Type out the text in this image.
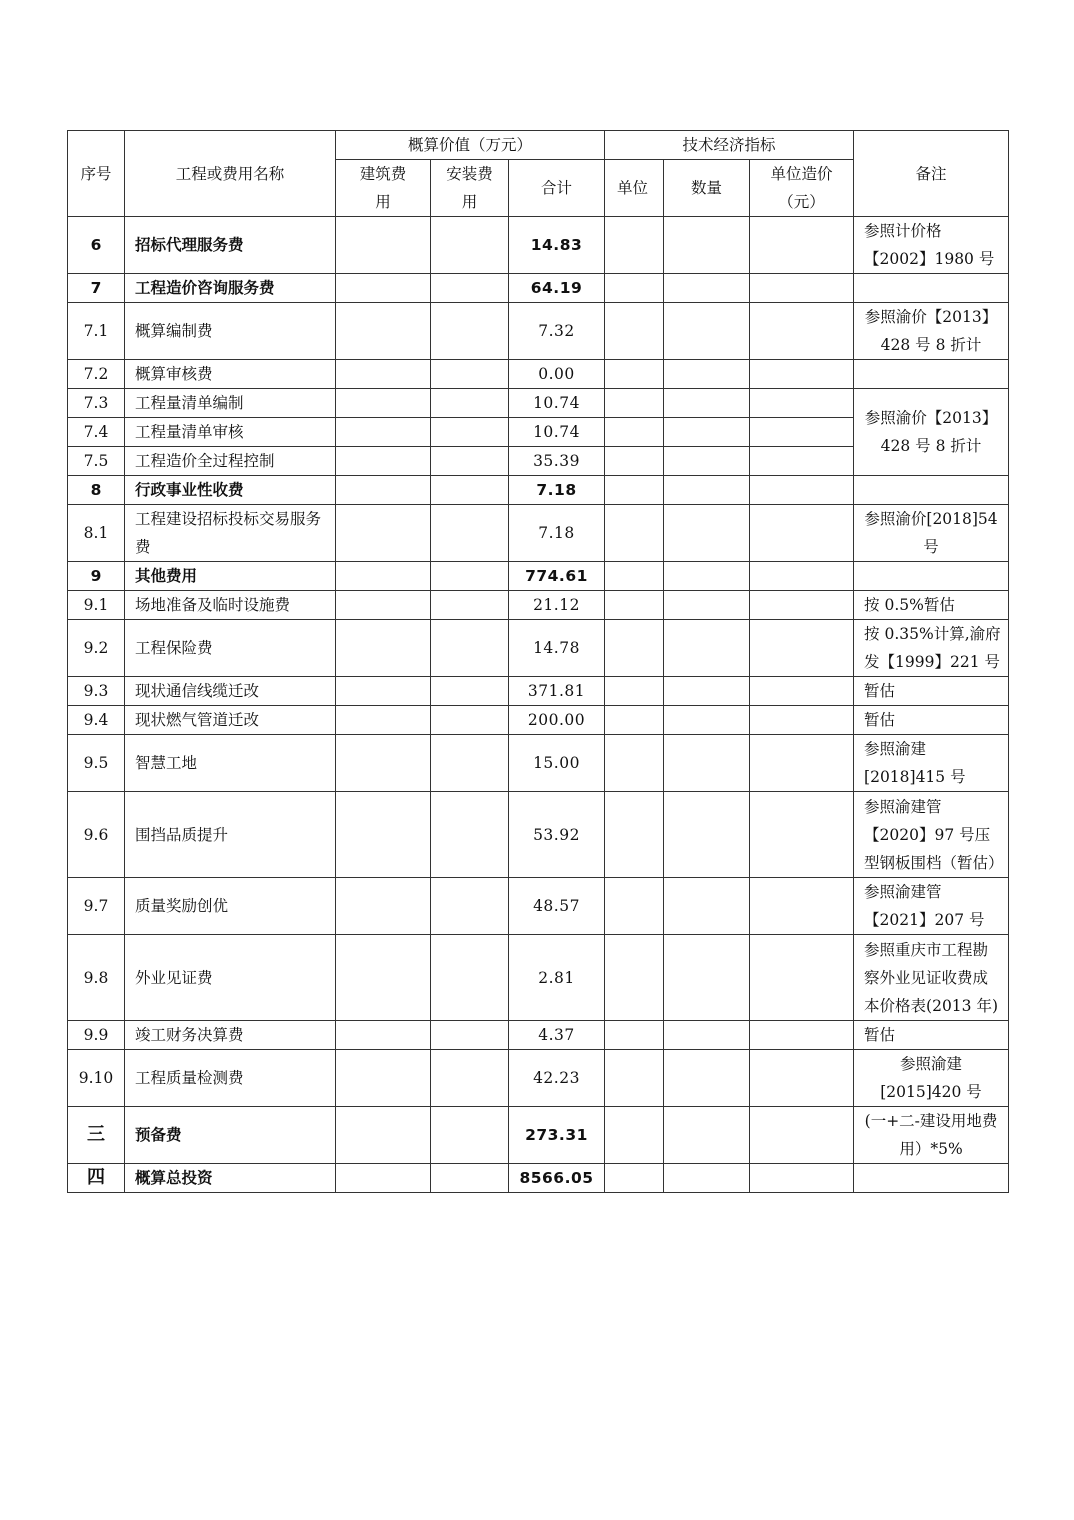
序号	工程或费用名称	概算价值（万元）			技术经济指标			备注
		建筑费用	安装费用	合计	单位	数量	单位造价（元）	
6	招标代理服务费			14.83				参照计价格【2002】1980 号
7	工程造价咨询服务费			64.19				
7.1	概算编制费			7.32				参照渝价【2013】428 号 8 折计
7.2	概算审核费			0.00				
7.3	工程量清单编制			10.74				参照渝价【2013】428 号 8 折计
7.4	工程量清单审核			10.74				
7.5	工程造价全过程控制			35.39				
8	行政事业性收费			7.18				
8.1	工程建设招标投标交易服务费			7.18				参照渝价[2018]54 号
9	其他费用			774.61				
9.1	场地准备及临时设施费			21.12				按 0.5%暂估
9.2	工程保险费			14.78				按 0.35%计算,渝府发【1999】221 号
9.3	现状通信线缆迁改			371.81				暂估
9.4	现状燃气管道迁改			200.00				暂估
9.5	智慧工地			15.00				参照渝建[2018]415 号
9.6	围挡品质提升			53.92				参照渝建管【2020】97 号压型钢板围档（暂估）
9.7	质量奖励创优			48.57				参照渝建管【2021】207 号
9.8	外业见证费			2.81				参照重庆市工程勘察外业见证收费成本价格表(2013 年)
9.9	竣工财务决算费			4.37				暂估
9.10	工程质量检测费			42.23				参照渝建[2015]420 号
三	预备费			273.31				(一+二-建设用地费用）*5%
四	概算总投资			8566.05				
